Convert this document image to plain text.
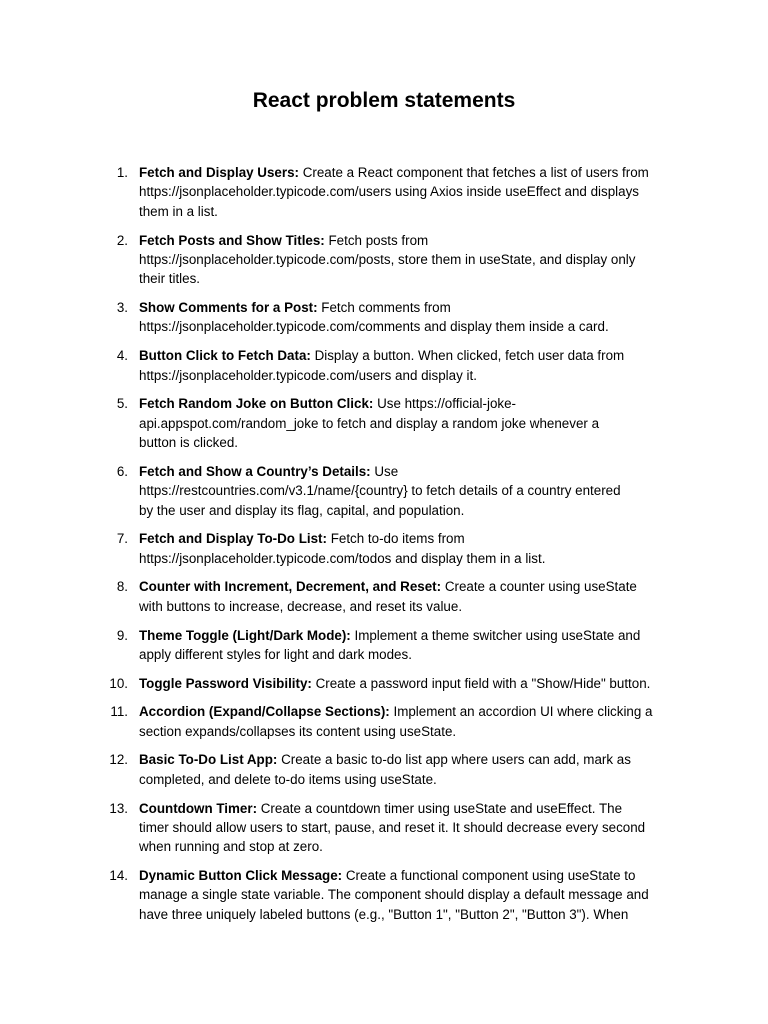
React problem statements
1. Fetch and Display Users: Create a React component that fetches a list of users from
https://jsonplaceholder.typicode.com/users using Axios inside useEffect and displays
them in a list.
2. Fetch Posts and Show Titles: Fetch posts from
https://jsonplaceholder.typicode.com/posts, store them in useState, and display only
their titles.
3. Show Comments for a Post: Fetch comments from
https://jsonplaceholder.typicode.com/comments and display them inside a card.
4. Button Click to Fetch Data: Display a button. When clicked, fetch user data from
https://jsonplaceholder.typicode.com/users and display it.
5. Fetch Random Joke on Button Click: Use https://official-joke-
api.appspot.com/random_joke to fetch and display a random joke whenever a
button is clicked.
6. Fetch and Show a Country’s Details: Use
https://restcountries.com/v3.1/name/{country} to fetch details of a country entered
by the user and display its flag, capital, and population.
7. Fetch and Display To-Do List: Fetch to-do items from
https://jsonplaceholder.typicode.com/todos and display them in a list.
8. Counter with Increment, Decrement, and Reset: Create a counter using useState
with buttons to increase, decrease, and reset its value.
9. Theme Toggle (Light/Dark Mode): Implement a theme switcher using useState and
apply different styles for light and dark modes.
10. Toggle Password Visibility: Create a password input field with a "Show/Hide" button.
11. Accordion (Expand/Collapse Sections): Implement an accordion UI where clicking a
section expands/collapses its content using useState.
12. Basic To-Do List App: Create a basic to-do list app where users can add, mark as
completed, and delete to-do items using useState.
13. Countdown Timer: Create a countdown timer using useState and useEffect. The
timer should allow users to start, pause, and reset it. It should decrease every second
when running and stop at zero.
14. Dynamic Button Click Message: Create a functional component using useState to
manage a single state variable. The component should display a default message and
have three uniquely labeled buttons (e.g., "Button 1", "Button 2", "Button 3"). When
